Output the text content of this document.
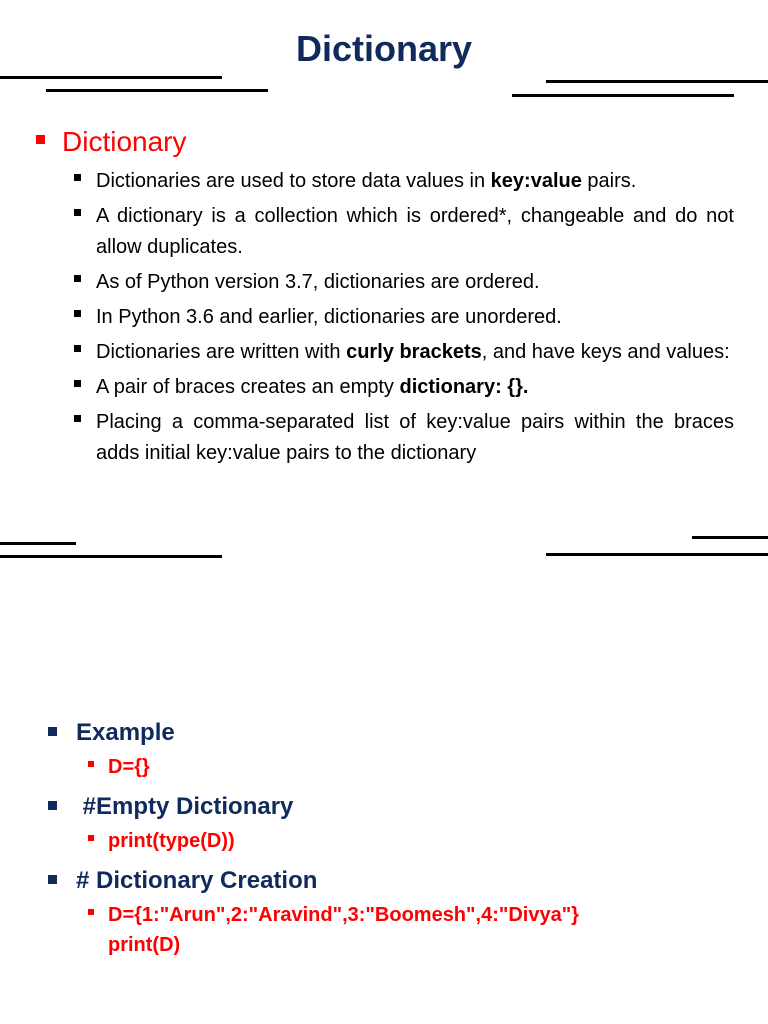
Dictionary
Dictionary
Dictionaries are used to store data values in key:value pairs.
A dictionary is a collection which is ordered*, changeable and do not allow duplicates.
As of Python version 3.7, dictionaries are ordered.
In Python 3.6 and earlier, dictionaries are unordered.
Dictionaries are written with curly brackets, and have keys and values:
A pair of braces creates an empty dictionary: {}.
Placing a comma-separated list of key:value pairs within the braces adds initial key:value pairs to the dictionary
Example
D={}
#Empty Dictionary
print(type(D))
# Dictionary Creation
D={1:"Arun",2:"Aravind",3:"Boomesh",4:"Divya"}
print(D)
